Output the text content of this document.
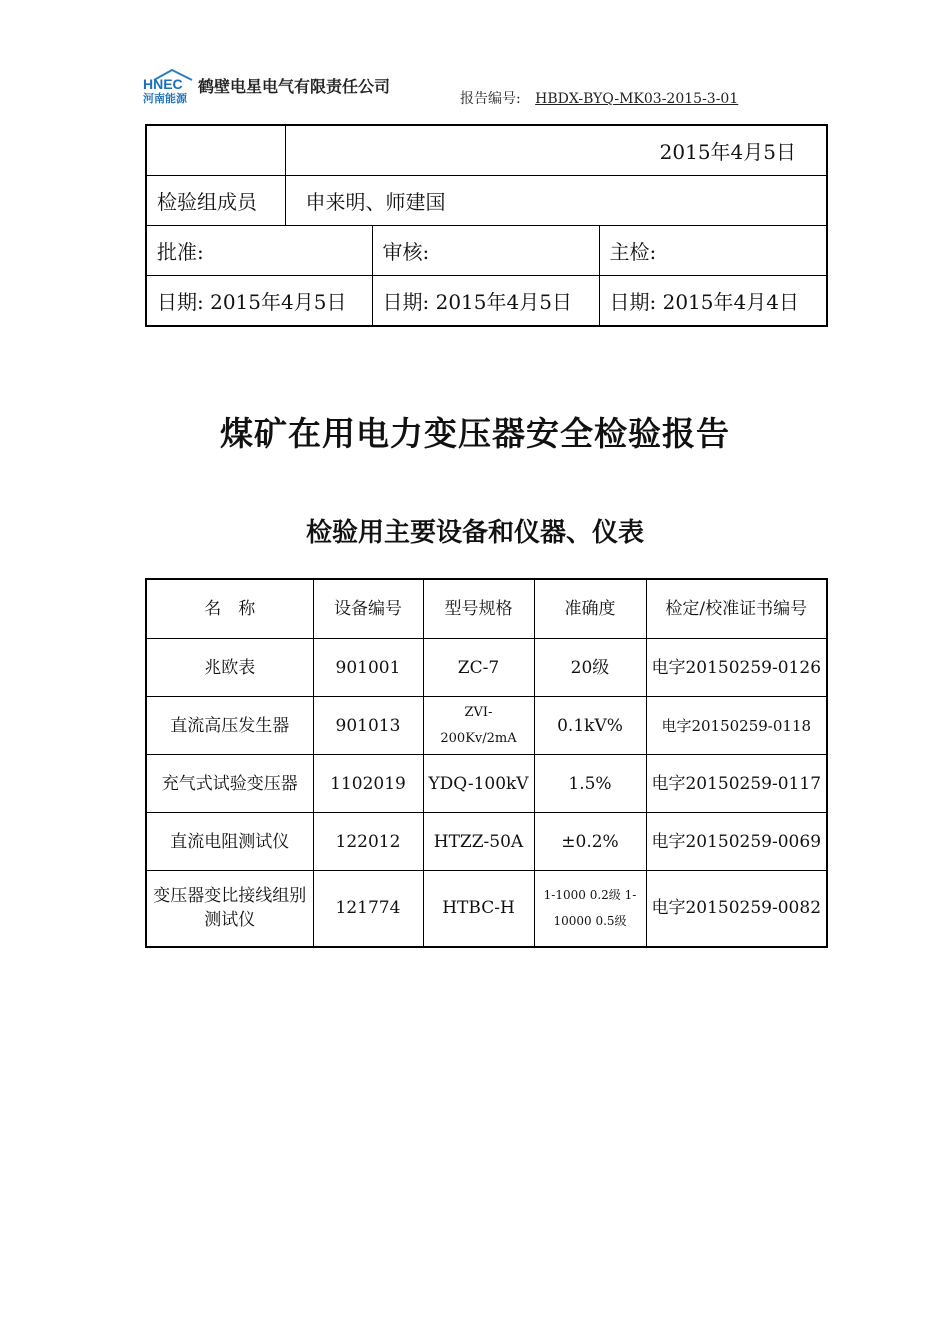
HNEC
河南能源
鹤壁电星电气有限责任公司
报告编号: HBDX-BYQ-MK03-2015-3-01
	2015年4月5日		
检验组成员	申来明、师建国		
批准:		审核:	主检:
日期: 2015年4月5日		日期: 2015年4月5日	日期: 2015年4月4日
煤矿在用电力变压器安全检验报告
检验用主要设备和仪器、仪表
名　称	设备编号	型号规格	准确度	检定/校准证书编号
兆欧表	901001	ZC-7	20级	电字20150259-0126
直流高压发生器	901013	ZVI-200Kv/2mA	0.1kV%	电字20150259-0118
充气式试验变压器	1102019	YDQ-100kV	1.5%	电字20150259-0117
直流电阻测试仪	122012	HTZZ-50A	±0.2%	电字20150259-0069
变压器变比接线组别测试仪	121774	HTBC-H	1-1000 0.2级 1-10000 0.5级	电字20150259-0082
